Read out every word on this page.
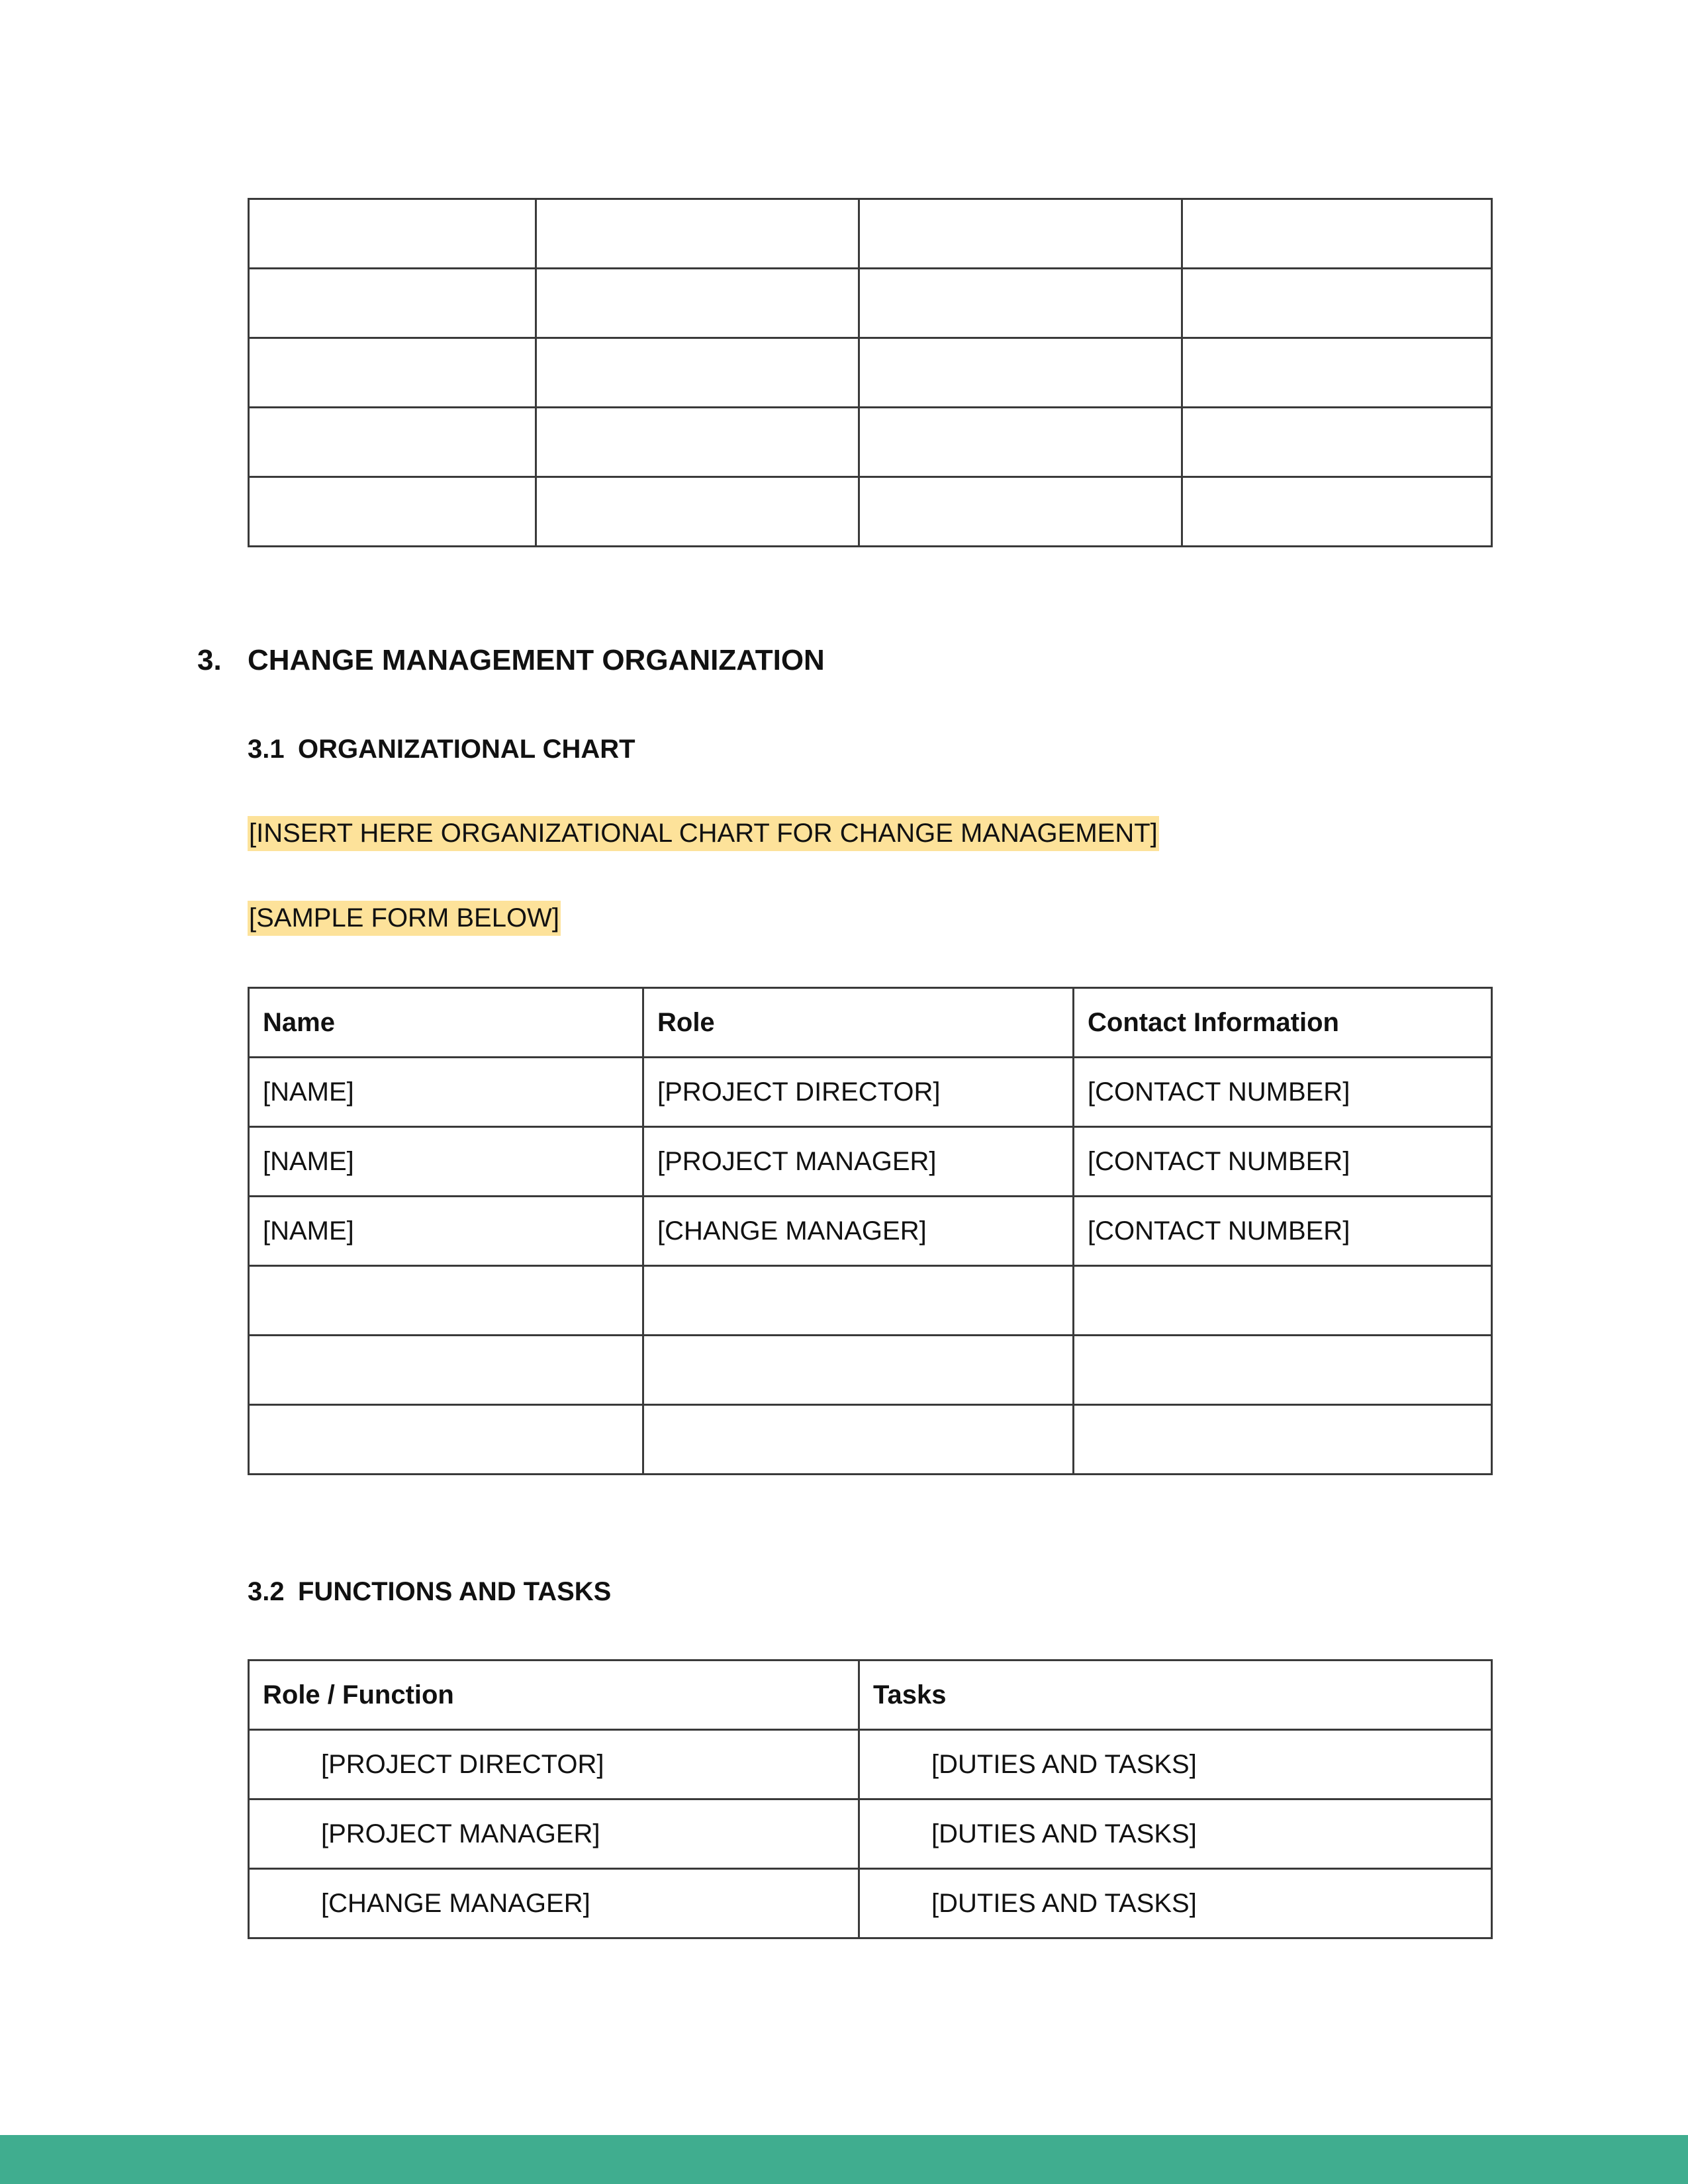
3. CHANGE MANAGEMENT ORGANIZATION
3.1 ORGANIZATIONAL CHART
[INSERT HERE ORGANIZATIONAL CHART FOR CHANGE MANAGEMENT]
[SAMPLE FORM BELOW]
Name	Role	Contact Information
[NAME]	[PROJECT DIRECTOR]	[CONTACT NUMBER]
[NAME]	[PROJECT MANAGER]	[CONTACT NUMBER]
[NAME]	[CHANGE MANAGER]	[CONTACT NUMBER]

3.2 FUNCTIONS AND TASKS
Role / Function	Tasks
[PROJECT DIRECTOR]	[DUTIES AND TASKS]
[PROJECT MANAGER]	[DUTIES AND TASKS]
[CHANGE MANAGER]	[DUTIES AND TASKS]
